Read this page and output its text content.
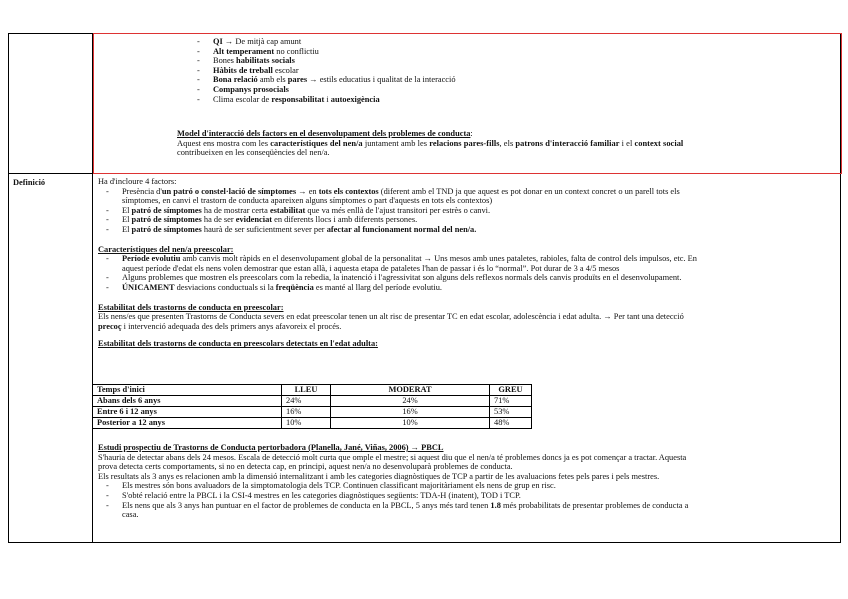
Definició
- QI → De mitjà cap amunt
- Alt temperament no conflictiu
- Bones habilitats socials
- Hàbits de treball escolar
- Bona relació amb els pares → estils educatius i qualitat de la interacció
- Companys prosocials
- Clima escolar de responsabilitat i autoexigència
Model d'interacció dels factors en el desenvolupament dels problemes de conducta:
Aquest ens mostra com les característiques del nen/a juntament amb les relacions pares-fills, els patrons d'interacció familiar i el context social
contribueixen en les conseqüències del nen/a.
Ha d'incloure 4 factors:
- Presència d'un patró o constel·lació de símptomes → en tots els contextos (diferent amb el TND ja que aquest es pot donar en un context concret o un parell tots els
símptomes, en canvi el trastorn de conducta apareixen alguns símptomes o part d'aquests en tots els contextos)
- El patró de símptomes ha de mostrar certa estabilitat que va més enllà de l'ajust transitori per estrès o canvi.
- El patró de símptomes ha de ser evidenciat en diferents llocs i amb diferents persones.
- El patró de símptomes haurà de ser suficientment sever per afectar al funcionament normal del nen/a.
Característiques del nen/a preescolar:
- Període evolutiu amb canvis molt ràpids en el desenvolupament global de la personalitat → Uns mesos amb unes pataletes, rabioles, falta de control dels impulsos, etc. En
aquest període d'edat els nens volen demostrar que estan allà, i aquesta etapa de pataletes l'han de passar i és lo “normal”. Pot durar de 3 a 4/5 mesos
- Alguns problemes que mostren els preescolars com la rebedia, la inatenció i l'agressivitat son alguns dels reflexos normals dels canvis produïts en el desenvolupament.
- ÚNICAMENT desviacions conductuals si la freqüència es manté al llarg del període evolutiu.
Estabilitat dels trastorns de conducta en preescolar:
Els nens/es que presenten Trastorns de Conducta severs en edat preescolar tenen un alt risc de presentar TC en edat escolar, adolescència i edat adulta. → Per tant una detecció
precoç i intervenció adequada des dels primers anys afavoreix el procés.
Estabilitat dels trastorns de conducta en preescolars detectats en l'edat adulta:
Temps d'inici	LLEU	MODERAT	GREU
Abans dels 6 anys	24%	24%	71%
Entre 6 i 12 anys	16%	16%	53%
Posterior a 12 anys	10%	10%	48%
Estudi prospectiu de Trastorns de Conducta pertorbadora (Planella, Jané, Viñas, 2006) → PBCL
S'hauria de detectar abans dels 24 mesos. Escala de detecció molt curta que omple el mestre; si aquest diu que el nen/a té problemes doncs ja es pot començar a tractar. Aquesta
prova detecta certs comportaments, si no en detecta cap, en principi, aquest nen/a no desenvoluparà problemes de conducta.
Els resultats als 3 anys es relacionen amb la dimensió internalitzant i amb les categories diagnòstiques de TCP a partir de les avaluacions fetes pels pares i pels mestres.
- Els mestres són bons avaluadors de la simptomatologia dels TCP. Continuen classificant majoritàriament els nens de grup en risc.
- S'obté relació entre la PBCL i la CSI-4 mestres en les categories diagnòstiques següents: TDA-H (inatent), TOD i TCP.
- Els nens que als 3 anys han puntuar en el factor de problemes de conducta en la PBCL, 5 anys més tard tenen 1.8 més probabilitats de presentar problemes de conducta a
casa.
